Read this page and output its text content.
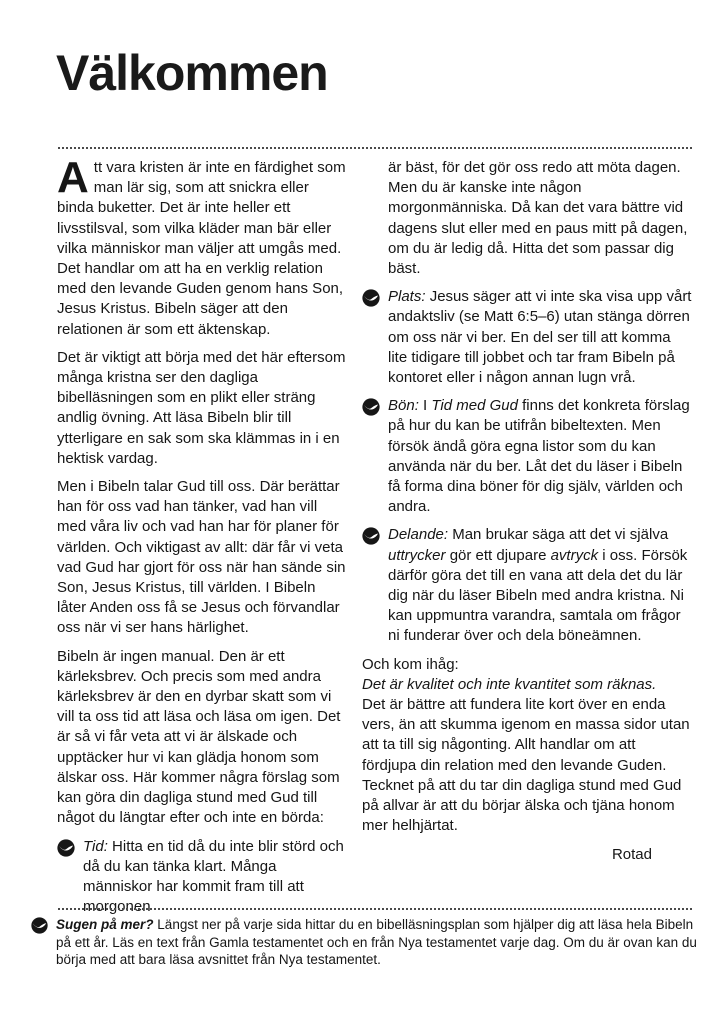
Välkommen

Att vara kristen är inte en färdighet som man lär sig, som att snickra eller binda buketter. Det är inte heller ett livsstilsval, som vilka kläder man bär eller vilka människor man väljer att umgås med. Det handlar om att ha en verklig relation med den levande Guden genom hans Son, Jesus Kristus. Bibeln säger att den relationen är som ett äktenskap.

Det är viktigt att börja med det här eftersom många kristna ser den dagliga bibelläsningen som en plikt eller sträng andlig övning. Att läsa Bibeln blir till ytterligare en sak som ska klämmas in i en hektisk vardag.

Men i Bibeln talar Gud till oss. Där berättar han för oss vad han tänker, vad han vill med våra liv och vad han har för planer för världen. Och viktigast av allt: där får vi veta vad Gud har gjort för oss när han sände sin Son, Jesus Kristus, till världen. I Bibeln låter Anden oss få se Jesus och förvandlar oss när vi ser hans härlighet.

Bibeln är ingen manual. Den är ett kärleksbrev. Och precis som med andra kärleksbrev är den en dyrbar skatt som vi vill ta oss tid att läsa och läsa om igen. Det är så vi får veta att vi är älskade och upptäcker hur vi kan glädja honom som älskar oss. Här kommer några förslag som kan göra din dagliga stund med Gud till något du längtar efter och inte en börda:

Tid: Hitta en tid då du inte blir störd och då du kan tänka klart. Många människor har kommit fram till att morgonen

är bäst, för det gör oss redo att möta dagen. Men du är kanske inte någon morgonmänniska. Då kan det vara bättre vid dagens slut eller med en paus mitt på dagen, om du är ledig då. Hitta det som passar dig bäst.

Plats: Jesus säger att vi inte ska visa upp vårt andaktsliv (se Matt 6:5–6) utan stänga dörren om oss när vi ber. En del ser till att komma lite tidigare till jobbet och tar fram Bibeln på kontoret eller i någon annan lugn vrå.

Bön: I Tid med Gud finns det konkreta förslag på hur du kan be utifrån bibeltexten. Men försök ändå göra egna listor som du kan använda när du ber. Låt det du läser i Bibeln få forma dina böner för dig själv, världen och andra.

Delande: Man brukar säga att det vi själva uttrycker gör ett djupare avtryck i oss. Försök därför göra det till en vana att dela det du lär dig när du läser Bibeln med andra kristna. Ni kan uppmuntra varandra, samtala om frågor ni funderar över och dela böneämnen.

Och kom ihåg:

Det är kvalitet och inte kvantitet som räknas.

Det är bättre att fundera lite kort över en enda vers, än att skumma igenom en massa sidor utan att ta till sig någonting. Allt handlar om att fördjupa din relation med den levande Guden. Tecknet på att du tar din dagliga stund med Gud på allvar är att du börjar älska och tjäna honom mer helhjärtat.

Rotad

Sugen på mer? Längst ner på varje sida hittar du en bibelläsningsplan som hjälper dig att läsa hela Bibeln på ett år. Läs en text från Gamla testamentet och en från Nya testamentet varje dag. Om du är ovan kan du börja med att bara läsa avsnittet från Nya testamentet.
